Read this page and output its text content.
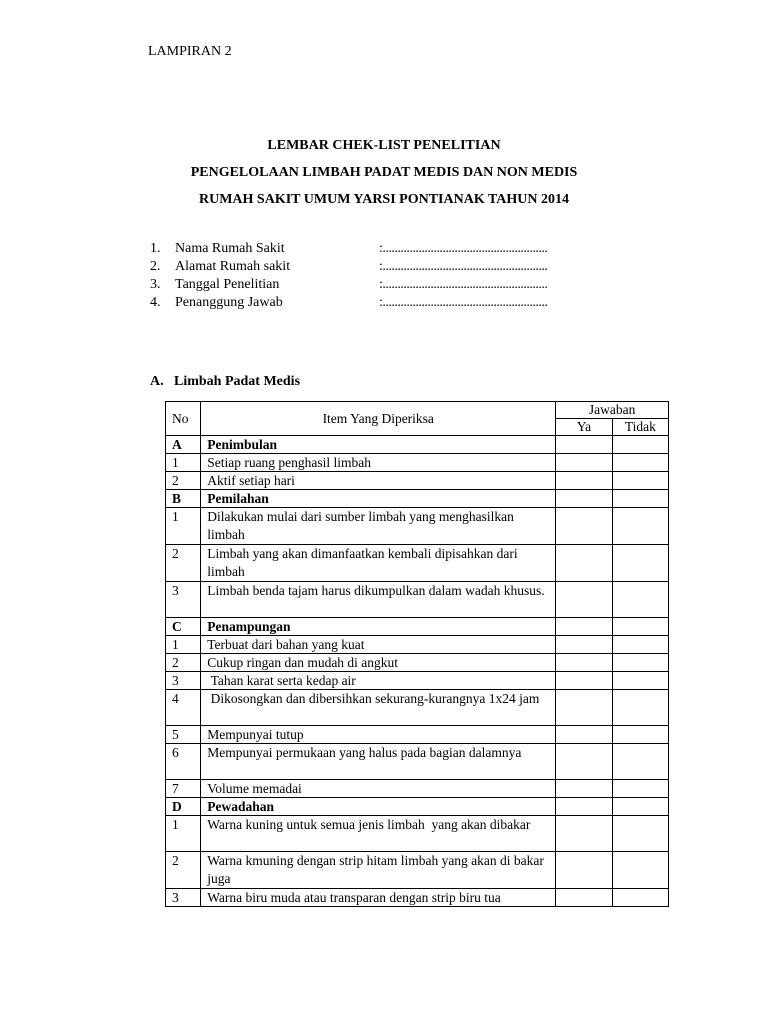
LAMPIRAN 2
LEMBAR CHEK-LIST PENELITIAN
PENGELOLAAN LIMBAH PADAT MEDIS DAN NON MEDIS
RUMAH SAKIT UMUM YARSI PONTIANAK TAHUN 2014
1. Nama Rumah Sakit	:.......................................................
2. Alamat Rumah sakit	:.......................................................
3. Tanggal Penelitian	:.......................................................
4. Penanggung Jawab	:.......................................................
A. Limbah Padat Medis
No	Item Yang Diperiksa	Jawaban	
		Ya	Tidak
A	Penimbulan		
1	Setiap ruang penghasil limbah		
2	Aktif setiap hari		
B	Pemilahan		
1	Dilakukan mulai dari sumber limbah yang menghasilkan limbah		
2	Limbah yang akan dimanfaatkan kembali dipisahkan dari limbah		
3	Limbah benda tajam harus dikumpulkan dalam wadah khusus.		
C	Penampungan		
1	Terbuat dari bahan yang kuat		
2	Cukup ringan dan mudah di angkut		
3	Tahan karat serta kedap air		
4	Dikosongkan dan dibersihkan sekurang-kurangnya 1x24 jam		
5	Mempunyai tutup		
6	Mempunyai permukaan yang halus pada bagian dalamnya		
7	Volume memadai		
D	Pewadahan		
1	Warna kuning untuk semua jenis limbah  yang akan dibakar		
2	Warna kmuning dengan strip hitam limbah yang akan di bakar juga		
3	Warna biru muda atau transparan dengan strip biru tua		
